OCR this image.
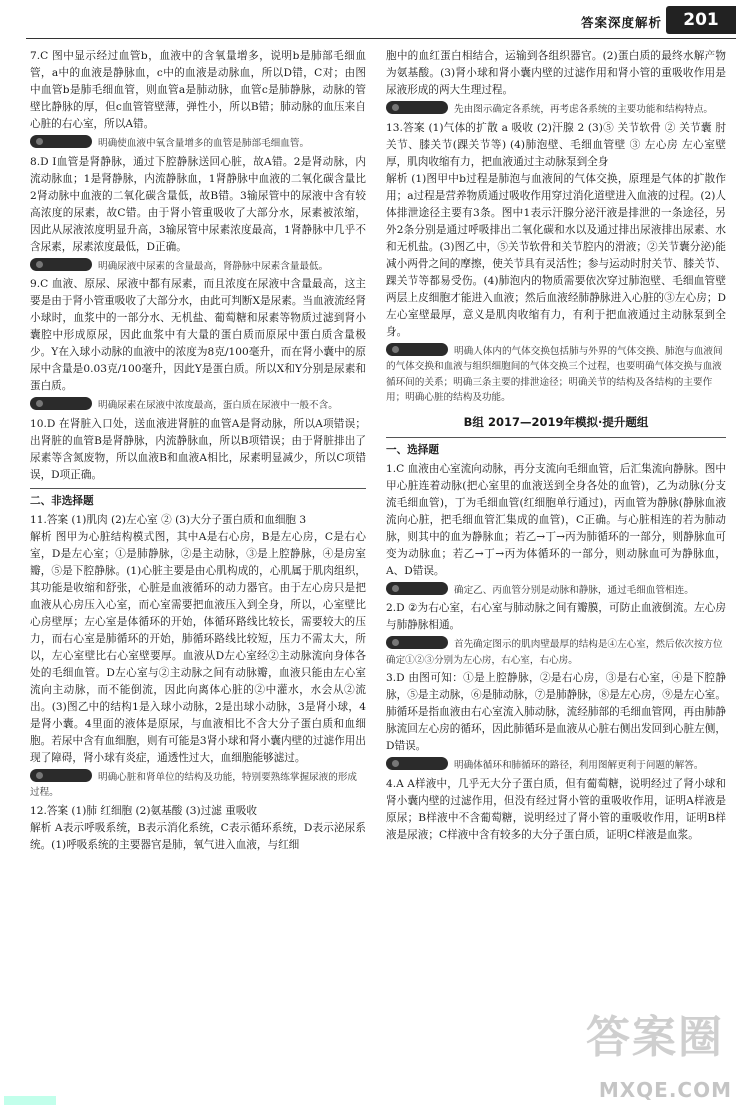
答案深度解析	201
7.C 图中显示经过血管b，血液中的含氧量增多，说明b是肺部毛细血管，a中的血液是静脉血，c中的血液是动脉血，所以D错，C对；由图中血管b是肺毛细血管，则血管a是肺动脉，血管c是肺静脉，动脉的管壁比静脉的厚，但c血管管壁薄，弹性小，所以B错；肺动脉的血压来自心脏的右心室，所以A错。
明确使血液中氧含量增多的血管是肺部毛细血管。
8.D Ⅰ血管是肾静脉，通过下腔静脉送回心脏，故A错。2是肾动脉，内流动脉血；1是肾静脉，内流静脉血，1肾静脉中血液的二氧化碳含量比2肾动脉中血液的二氧化碳含量低，故B错。3输尿管中的尿液中含有较高浓度的尿素，故C错。由于肾小管重吸收了大部分水，尿素被浓缩，因此从尿液浓度明显升高，3输尿管中尿素浓度最高，1肾静脉中几乎不含尿素，尿素浓度最低，D正确。
明确尿液中尿素的含量最高，肾静脉中尿素含量最低。
9.C 血液、原尿、尿液中都有尿素，而且浓度在尿液中含量最高，这主要是由于肾小管重吸收了大部分水，由此可判断X是尿素。当血液流经肾小球时，血浆中的一部分水、无机盐、葡萄糖和尿素等物质过滤到肾小囊腔中形成原尿，因此血浆中有大量的蛋白质而原尿中蛋白质含量极少。Y在入球小动脉的血液中的浓度为8克/100毫升，而在肾小囊中的原尿中含量是0.03克/100毫升，因此Y是蛋白质。所以X和Y分别是尿素和蛋白质。
明确尿素在尿液中浓度最高，蛋白质在尿液中一般不含。
10.D 在肾脏入口处，送血液进肾脏的血管A是肾动脉，所以A项错误；出肾脏的血管B是肾静脉，内流静脉血，所以B项错误；由于肾脏排出了尿素等含氮废物，所以血液B和血液A相比，尿素明显减少，所以C项错误，D项正确。
二、非选择题
11.答案 (1)肌肉 (2)左心室 ② (3)大分子蛋白质和血细胞 3
解析 图甲为心脏结构模式图，其中A是右心房，B是左心房，C是右心室，D是左心室；①是肺静脉，②是主动脉，③是上腔静脉，④是房室瓣，⑤是下腔静脉。(1)心脏主要是由心肌构成的，心肌属于肌肉组织，其功能是收缩和舒张，心脏是血液循环的动力器官。由于左心房只是把血液从心房压入心室，而心室需要把血液压入到全身，所以，心室壁比心房壁厚；左心室是体循环的开始，体循环路线比较长，需要较大的压力，而右心室是肺循环的开始，肺循环路线比较短，压力不需太大，所以，左心室壁比右心室壁要厚。血液从D左心室经②主动脉流向身体各处的毛细血管。D左心室与②主动脉之间有动脉瓣，血液只能由左心室流向主动脉，而不能倒流，因此向离体心脏的②中灌水，水会从②流出。(3)图乙中的结构1是入球小动脉，2是出球小动脉，3是肾小球，4是肾小囊。4里面的液体是原尿，与血液相比不含大分子蛋白质和血细胞。若尿中含有血细胞，则有可能是3肾小球和肾小囊内壁的过滤作用出现了障碍，肾小球有炎症，通透性过大，血细胞能够滤过。
明确心脏和肾单位的结构及功能，特别要熟练掌握尿液的形成过程。
12.答案 (1)肺 红细胞 (2)氨基酸 (3)过滤 重吸收
解析 A表示呼吸系统，B表示消化系统，C表示循环系统，D表示泌尿系统。(1)呼吸系统的主要器官是肺，氧气进入血液，与红细
胞中的血红蛋白相结合，运输到各组织器官。(2)蛋白质的最终水解产物为氨基酸。(3)肾小球和肾小囊内壁的过滤作用和肾小管的重吸收作用是尿液形成的两大生理过程。
先由图示确定各系统，再考虑各系统的主要功能和结构特点。
13.答案 (1)气体的扩散 a 吸收 (2)汗腺 2 (3)⑤ 关节软骨 ② 关节囊 肘关节、膝关节(踝关节等) (4)肺泡壁、毛细血管壁 ③ 左心房 左心室壁厚，肌肉收缩有力，把血液通过主动脉泵到全身
解析 (1)图甲中b过程是肺泡与血液间的气体交换，原理是气体的扩散作用；a过程是营养物质通过吸收作用穿过消化道壁进入血液的过程。(2)人体排泄途径主要有3条。图中1表示汗腺分泌汗液是排泄的一条途径，另外2条分别是通过呼吸排出二氧化碳和水以及通过排出尿液排出尿素、水和无机盐。(3)图乙中，⑤关节软骨和关节腔内的滑液；②关节囊分泌)能减小两骨之间的摩擦，使关节具有灵活性；参与运动时肘关节、膝关节、踝关节等都易受伤。(4)肺泡内的物质需要依次穿过肺泡壁、毛细血管壁两层上皮细胞才能进入血液；然后血液经肺静脉进入心脏的③左心房；D左心室壁最厚，意义是肌肉收缩有力，有利于把血液通过主动脉泵到全身。
明确人体内的气体交换包括肺与外界的气体交换、肺泡与血液间的气体交换和血液与组织细胞间的气体交换三个过程，也要明确气体交换与血液循环间的关系；明确三条主要的排泄途径；明确关节的结构及各结构的主要作用；明确心脏的结构及功能。
B组 2017—2019年模拟·提升题组
一、选择题
1.C 血液由心室流向动脉，再分支流向毛细血管，后汇集流向静脉。图中甲心脏连着动脉(把心室里的血液送到全身各处的血管)，乙为动脉(分支流毛细血管)，丁为毛细血管(红细胞单行通过)，丙血管为静脉(静脉血液流向心脏，把毛细血管汇集成的血管)，C正确。与心脏相连的若为肺动脉，则其中的血为静脉血；若乙→丁→丙为肺循环的一部分，则静脉血可变为动脉血；若乙→丁→丙为体循环的一部分，则动脉血可为静脉血，A、D错误。
确定乙、丙血管分别是动脉和静脉，通过毛细血管相连。
2.D ②为右心室，右心室与肺动脉之间有瓣膜，可防止血液倒流。左心房与肺静脉相通。
首先确定图示的肌肉壁最厚的结构是④左心室，然后依次按方位确定①②③分别为左心房，右心室，右心房。
3.D 由图可知：①是上腔静脉，②是右心房，③是右心室，④是下腔静脉，⑤是主动脉，⑥是肺动脉，⑦是肺静脉，⑧是左心房，⑨是左心室。肺循环是指血液由右心室流入肺动脉，流经肺部的毛细血管网，再由肺静脉流回左心房的循环，因此肺循环是血液从心脏右侧出发回到心脏左侧，D错误。
明确体循环和肺循环的路径，利用图解更利于问题的解答。
4.A A样液中，几乎无大分子蛋白质，但有葡萄糖，说明经过了肾小球和肾小囊内壁的过滤作用，但没有经过肾小管的重吸收作用，证明A样液是原尿；B样液中不含葡萄糖，说明经过了肾小管的重吸收作用，证明B样液是尿液；C样液中含有较多的大分子蛋白质，证明C样液是血浆。
答案圈
MXQE.COM
